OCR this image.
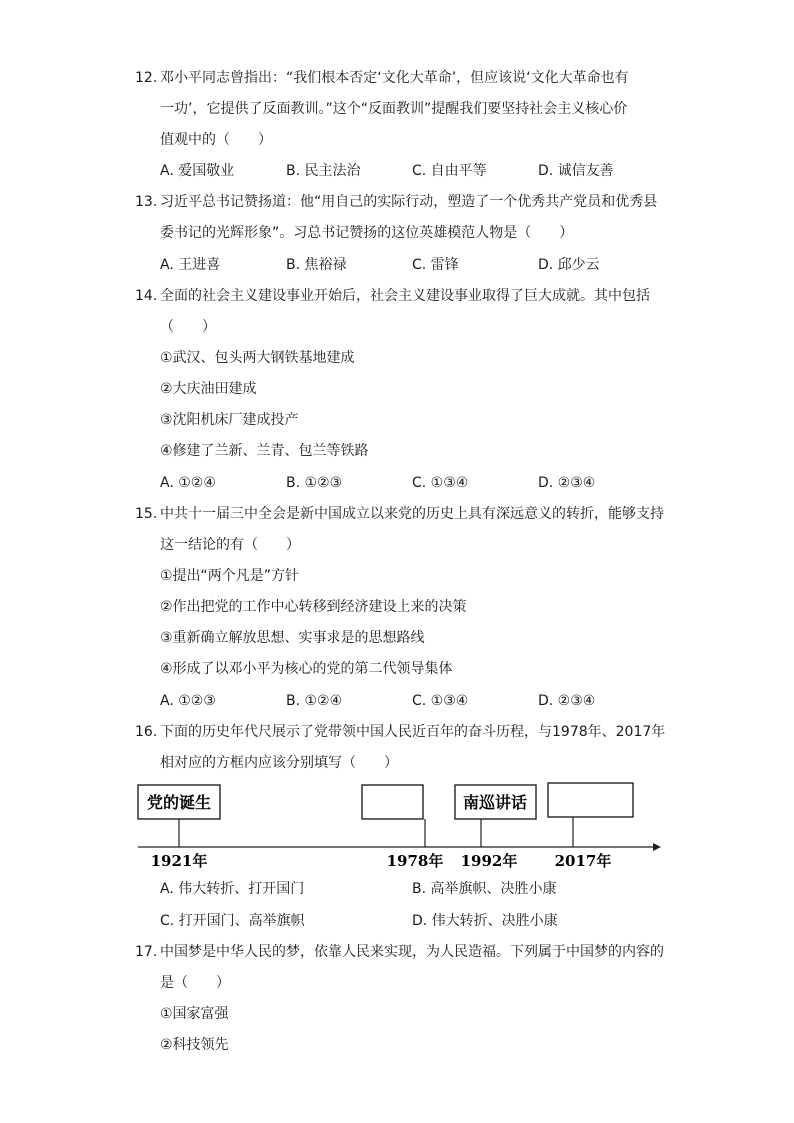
12. 邓小平同志曾指出：“我们根本否定‘文化大革命’，但应该说‘文化大革命也有
一功’，它提供了反面教训。”这个“反面教训”提醒我们要坚持社会主义核心价
值观中的（　　）
A. 爱国敬业	B. 民主法治	C. 自由平等	D. 诚信友善
13. 习近平总书记赞扬道：他“用自己的实际行动，塑造了一个优秀共产党员和优秀县
委书记的光辉形象”。习总书记赞扬的这位英雄模范人物是（　　）
A. 王进喜	B. 焦裕禄	C. 雷锋	D. 邱少云
14. 全面的社会主义建设事业开始后，社会主义建设事业取得了巨大成就。其中包括
（　　）
①武汉、包头两大钢铁基地建成
②大庆油田建成
③沈阳机床厂建成投产
④修建了兰新、兰青、包兰等铁路
A. ①②④	B. ①②③	C. ①③④	D. ②③④
15. 中共十一届三中全会是新中国成立以来党的历史上具有深远意义的转折，能够支持
这一结论的有（　　）
①提出“两个凡是”方针
②作出把党的工作中心转移到经济建设上来的决策
③重新确立解放思想、实事求是的思想路线
④形成了以邓小平为核心的党的第二代领导集体
A. ①②③	B. ①②④	C. ①③④	D. ②③④
16. 下面的历史年代尺展示了党带领中国人民近百年的奋斗历程，与1978年、2017年
相对应的方框内应该分别填写（　　）
党的诞生	南巡讲话
1921年	1978年 1992年 2017年
A. 伟大转折、打开国门	B. 高举旗帜、决胜小康
C. 打开国门、高举旗帜	D. 伟大转折、决胜小康
17. 中国梦是中华人民的梦，依靠人民来实现，为人民造福。下列属于中国梦的内容的
是（　　）
①国家富强
②科技领先
